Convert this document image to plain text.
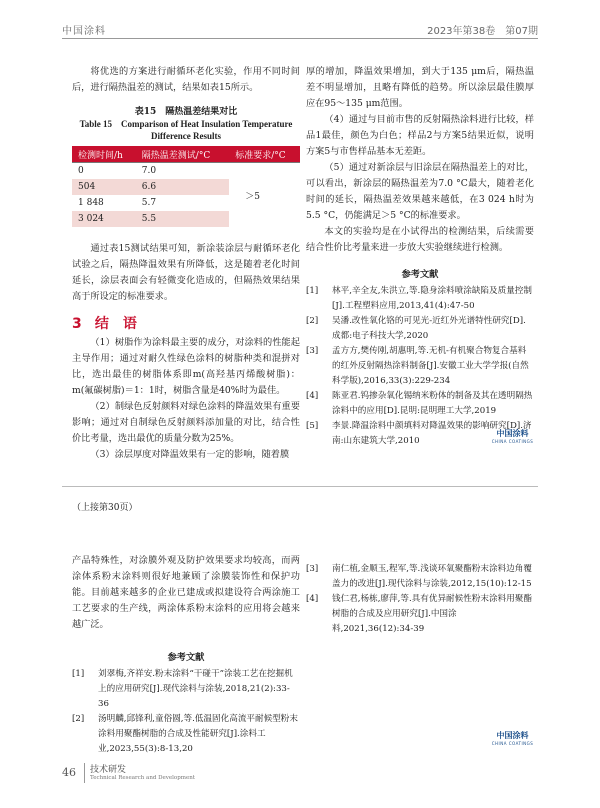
中国涂料	2023年第38卷　第07期

将优选的方案进行耐循环老化实验，作用不同时间后，进行隔热温差的测试，结果如表15所示。

表15　隔热温差结果对比
Table 15　Comparison of Heat Insulation Temperature
Difference Results
检测时间/h	隔热温差测试/°C	标准要求/°C
0	7.0	＞5
504	6.6	
1 848	5.7	
3 024	5.5	

通过表15测试结果可知，新涂装涂层与耐循环老化试验之后，隔热降温效果有所降低，这是随着老化时间延长，涂层表面会有轻微变化造成的，但隔热效果结果高于所设定的标准要求。

3 结　语

（1）树脂作为涂料最主要的成分，对涂料的性能起主导作用；通过对耐久性绿色涂料的树脂种类和混拼对比，选出最佳的树脂体系即m(高羟基丙烯酸树脂)：m(氟碳树脂)＝1：1时，树脂含量是40%时为最佳。

（2）制绿色反射颜料对绿色涂料的降温效果有重要影响；通过对自制绿色反射颜料添加量的对比，结合性价比考量，选出最优的质量分数为25%。

（3）涂层厚度对降温效果有一定的影响，随着膜

厚的增加，降温效果增加，到大于135 μm后，隔热温差不明显增加，且略有降低的趋势。所以涂层最佳膜厚应在95～135 μm范围。

（4）通过与目前市售的反射隔热涂料进行比较，样品1最佳，颜色为白色；样品2与方案5结果近似，说明方案5与市售样品基本无差距。

（5）通过对新涂层与旧涂层在隔热温差上的对比，可以看出，新涂层的隔热温差为7.0 °C最大，随着老化时间的延长，隔热温差效果越来越低，在3 024 h时为5.5 °C，仍能满足＞5 °C的标准要求。

本文的实验均是在小试得出的检测结果，后续需要结合性价比考量来进一步放大实验继续进行检测。

参考文献

[1] 林平,辛全友,朱洪立,等.隐身涂料喷涂缺陷及质量控制[J].工程塑料应用,2013,41(4):47-50

[2] 吴潘.改性氧化铬的可见光-近红外光谱特性研究[D].成都:电子科技大学,2020

[3] 孟方方,樊传刚,胡惠明,等.无机-有机聚合物复合基料的红外反射隔热涂料制备[J].安徽工业大学学报(自然科学版),2016,33(3):229-234

[4] 陈亚君.钨掺杂氧化锡纳米粉体的制备及其在透明隔热涂料中的应用[D].昆明:昆明理工大学,2019

[5] 李景.降温涂料中颜填料对降温效果的影响研究[D].济南:山东建筑大学,2010

中国涂料
CHINA COATINGS
（上接第30页）

产品特殊性，对涂膜外观及防护效果要求均较高，而两涂体系粉末涂料则很好地兼顾了涂膜装饰性和保护功能。目前越来越多的企业已建成或拟建设符合两涂施工工艺要求的生产线，两涂体系粉末涂料的应用将会越来越广泛。

参考文献

[1] 刘翠梅,齐祥安.粉末涂料“干碰干”涂装工艺在挖掘机上的应用研究[J].现代涂料与涂装,2018,21(2):33-36

[2] 汤明麟,邱锋利,童俗圆,等.低温固化高流平耐候型粉末涂料用聚酯树脂的合成及性能研究[J].涂料工业,2023,55(3):8-13,20

[3] 南仁植,金顺玉,程军,等.浅谈环氧聚酯粉末涂料边角覆盖力的改进[J].现代涂料与涂装,2012,15(10):12-15

[4] 钱仁君,杨栋,廖萍,等.具有优异耐候性粉末涂料用聚酯树脂的合成及应用研究[J].中国涂料,2021,36(12):34-39

中国涂料
CHINA COATINGS
46 技术研发
Technical Research and Development
